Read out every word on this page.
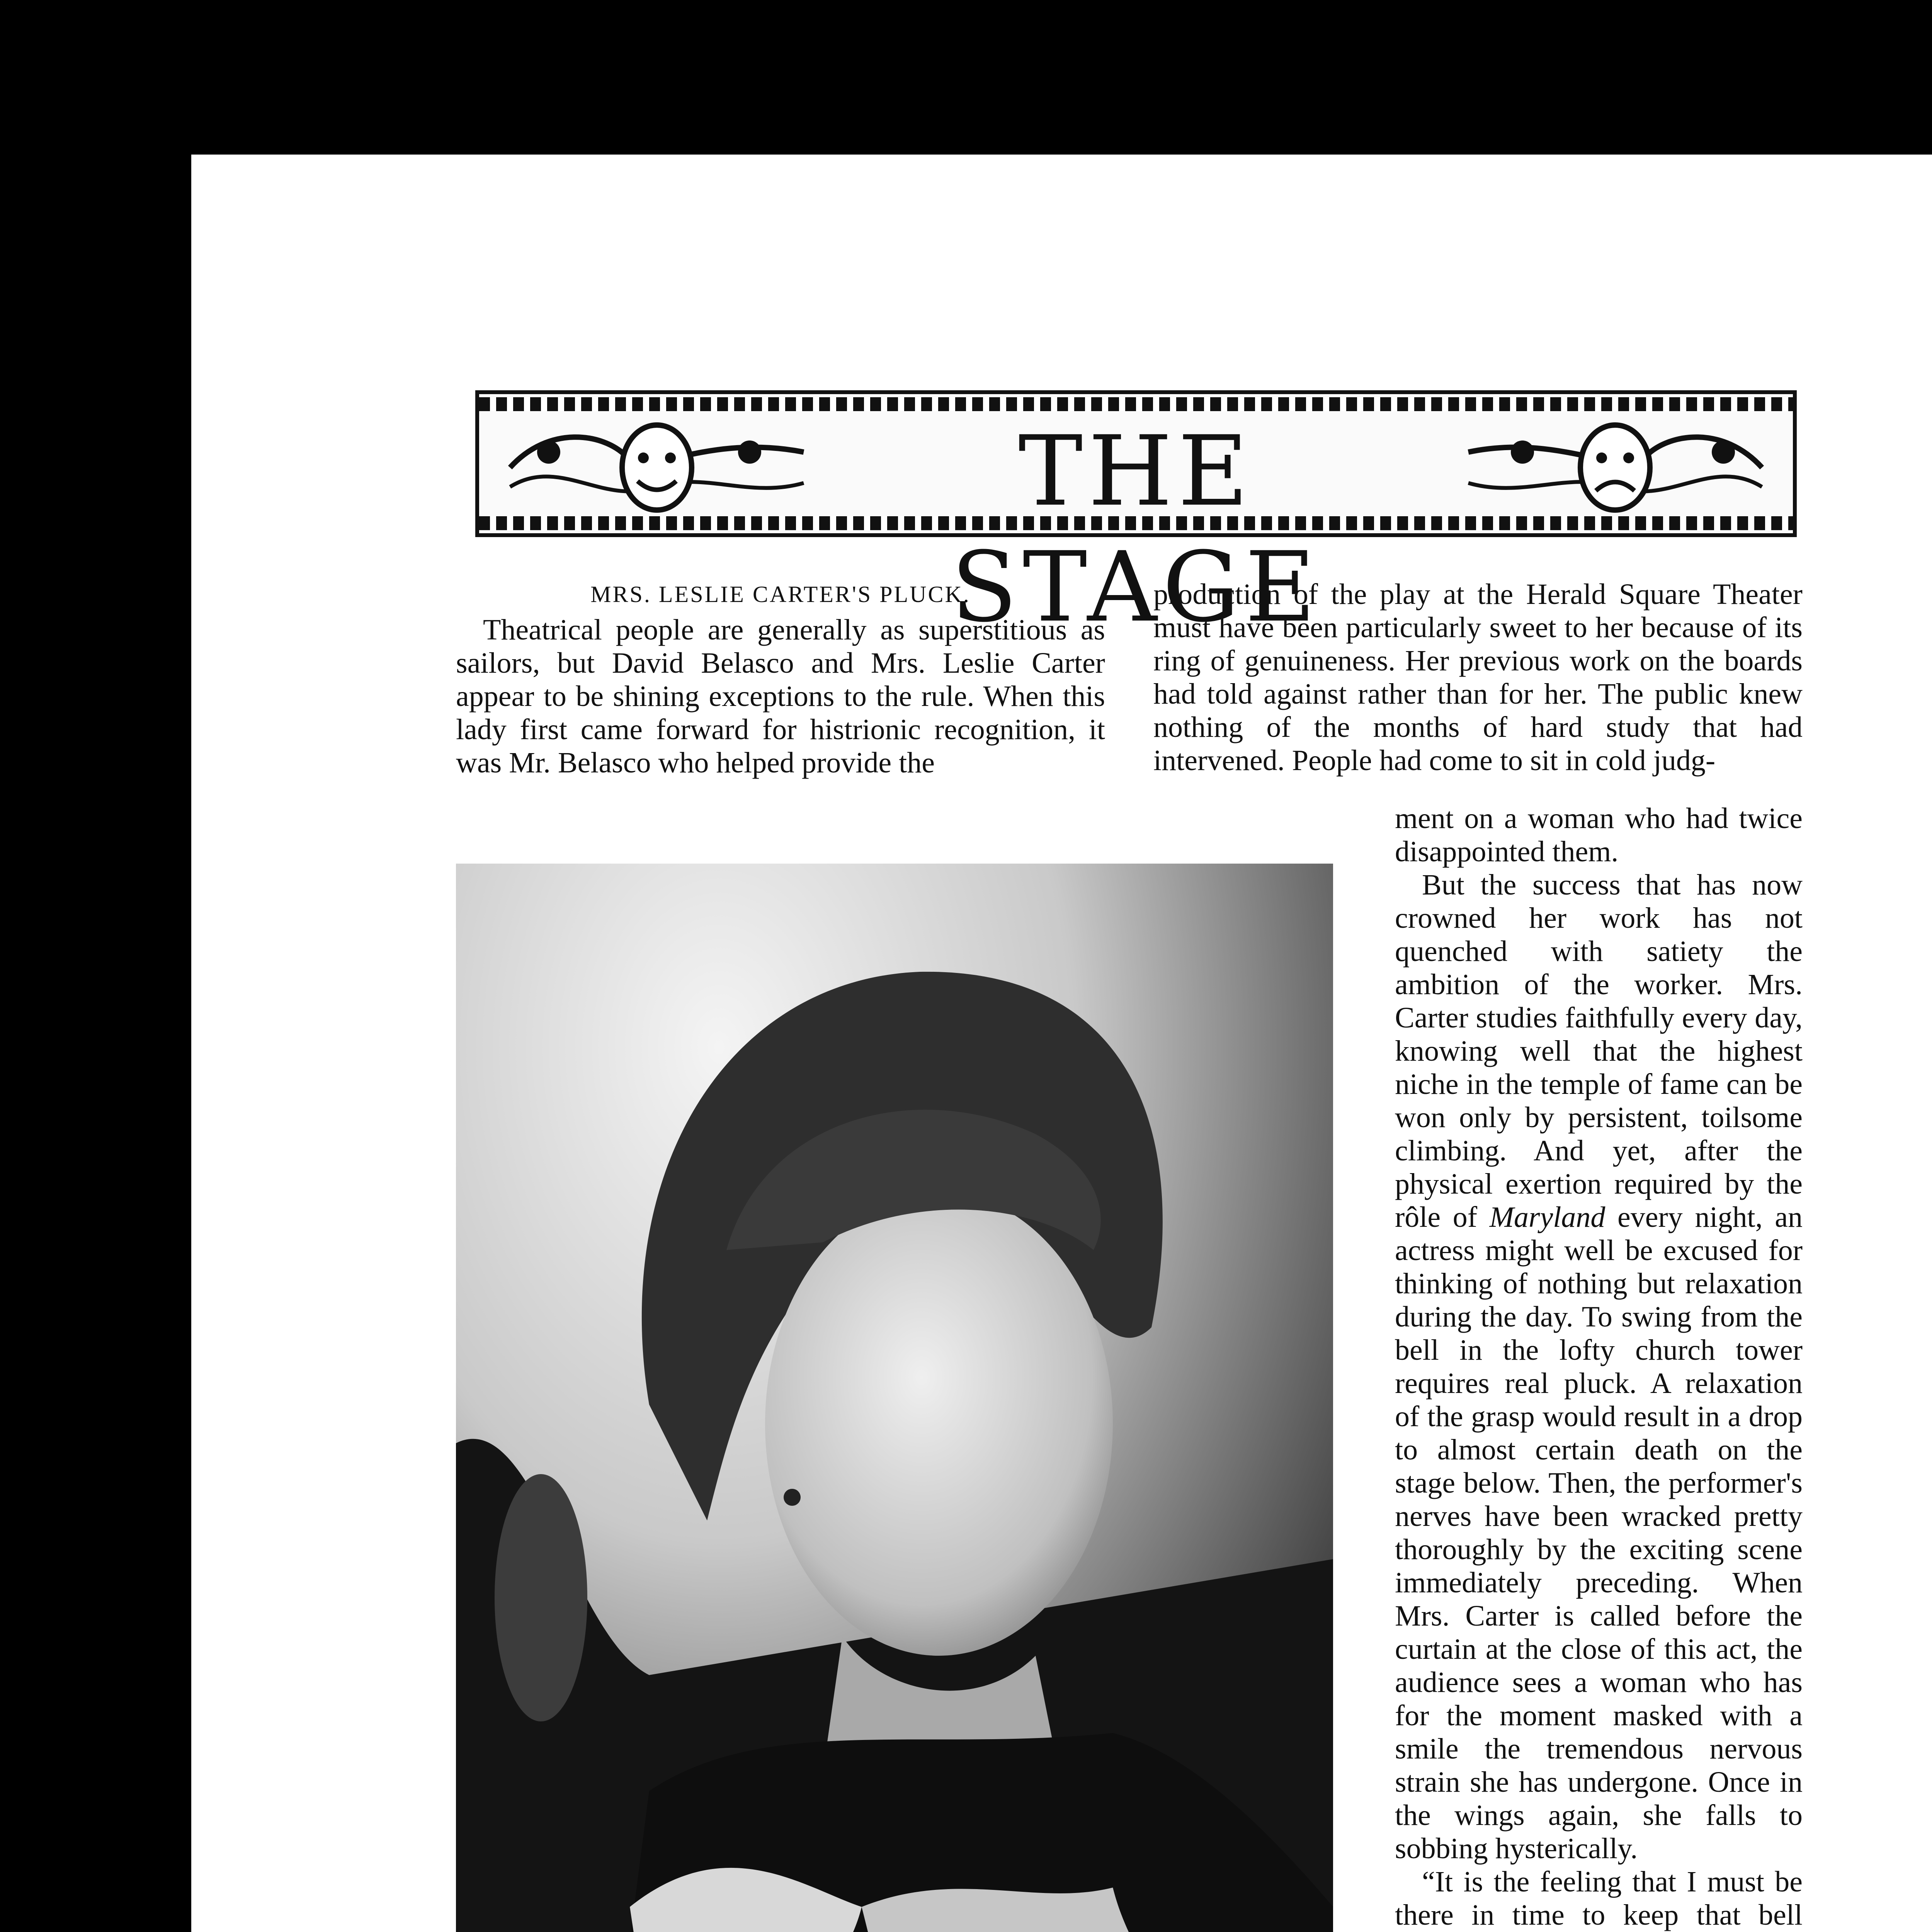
THE STAGE
MRS. LESLIE CARTER'S PLUCK.

Theatrical people are generally as superstitious as sailors, but David Belasco and Mrs. Leslie Carter appear to be shining exceptions to the rule. When this lady first came forward for histrionic recognition, it was Mr. Belasco who helped provide the

production of the play at the Herald Square Theater must have been particularly sweet to her because of its ring of genuineness. Her previous work on the boards had told against rather than for her. The public knew nothing of the months of hard study that had intervened. People had come to sit in cold judg-

ment on a woman who had twice disappointed them.

But the success that has now crowned her work has not quenched with satiety the ambition of the worker. Mrs. Carter studies faithfully every day, knowing well that the highest niche in the temple of fame can be won only by persistent, toilsome climbing. And yet, after the physical exertion required by the rôle of Maryland every night, an actress might well be excused for thinking of nothing but relaxation during the day. To swing from the bell in the lofty church tower requires real pluck. A relaxation of the grasp would result in a drop to almost certain death on the stage below. Then, the performer's nerves have been wracked pretty thoroughly by the exciting scene immediately preceding. When Mrs. Carter is called before the curtain at the close of this act, the audience sees a woman who has for the moment masked with a smile the tremendous nervous strain she has undergone. Once in the wings again, she falls to sobbing hysterically.

“It is the feeling that I must be there in time to keep that bell
